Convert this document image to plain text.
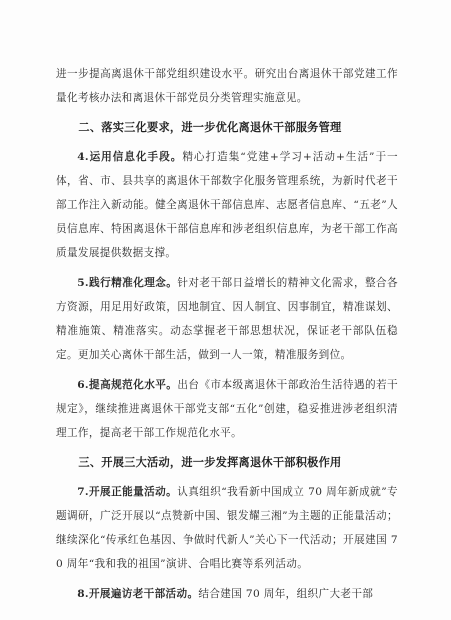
进一步提高离退休干部党组织建设水平。研究出台离退休干部党建工作量化考核办法和离退休干部党员分类管理实施意见。

二、落实三化要求，进一步优化离退休干部服务管理

4.运用信息化手段。精心打造集“党建+学习+活动+生活”于一体，省、市、县共享的离退休干部数字化服务管理系统，为新时代老干部工作注入新动能。健全离退休干部信息库、志愿者信息库、“五老”人员信息库、特困离退休干部信息库和涉老组织信息库，为老干部工作高质量发展提供数据支撑。

5.践行精准化理念。针对老干部日益增长的精神文化需求，整合各方资源，用足用好政策，因地制宜、因人制宜、因事制宜，精准谋划、精准施策、精准落实。动态掌握老干部思想状况，保证老干部队伍稳定。更加关心离休干部生活，做到一人一策，精准服务到位。

6.提高规范化水平。出台《市本级离退休干部政治生活待遇的若干规定》，继续推进离退休干部党支部“五化”创建，稳妥推进涉老组织清理工作，提高老干部工作规范化水平。

三、开展三大活动，进一步发挥离退休干部积极作用

7.开展正能量活动。认真组织“我看新中国成立 70 周年新成就”专题调研，广泛开展以“点赞新中国、银发耀三湘”为主题的正能量活动；继续深化“传承红色基因、争做时代新人”关心下一代活动；开展建国 70 周年“我和我的祖国”演讲、合唱比赛等系列活动。

8.开展遍访老干部活动。结合建国 70 周年，组织广大老干部
